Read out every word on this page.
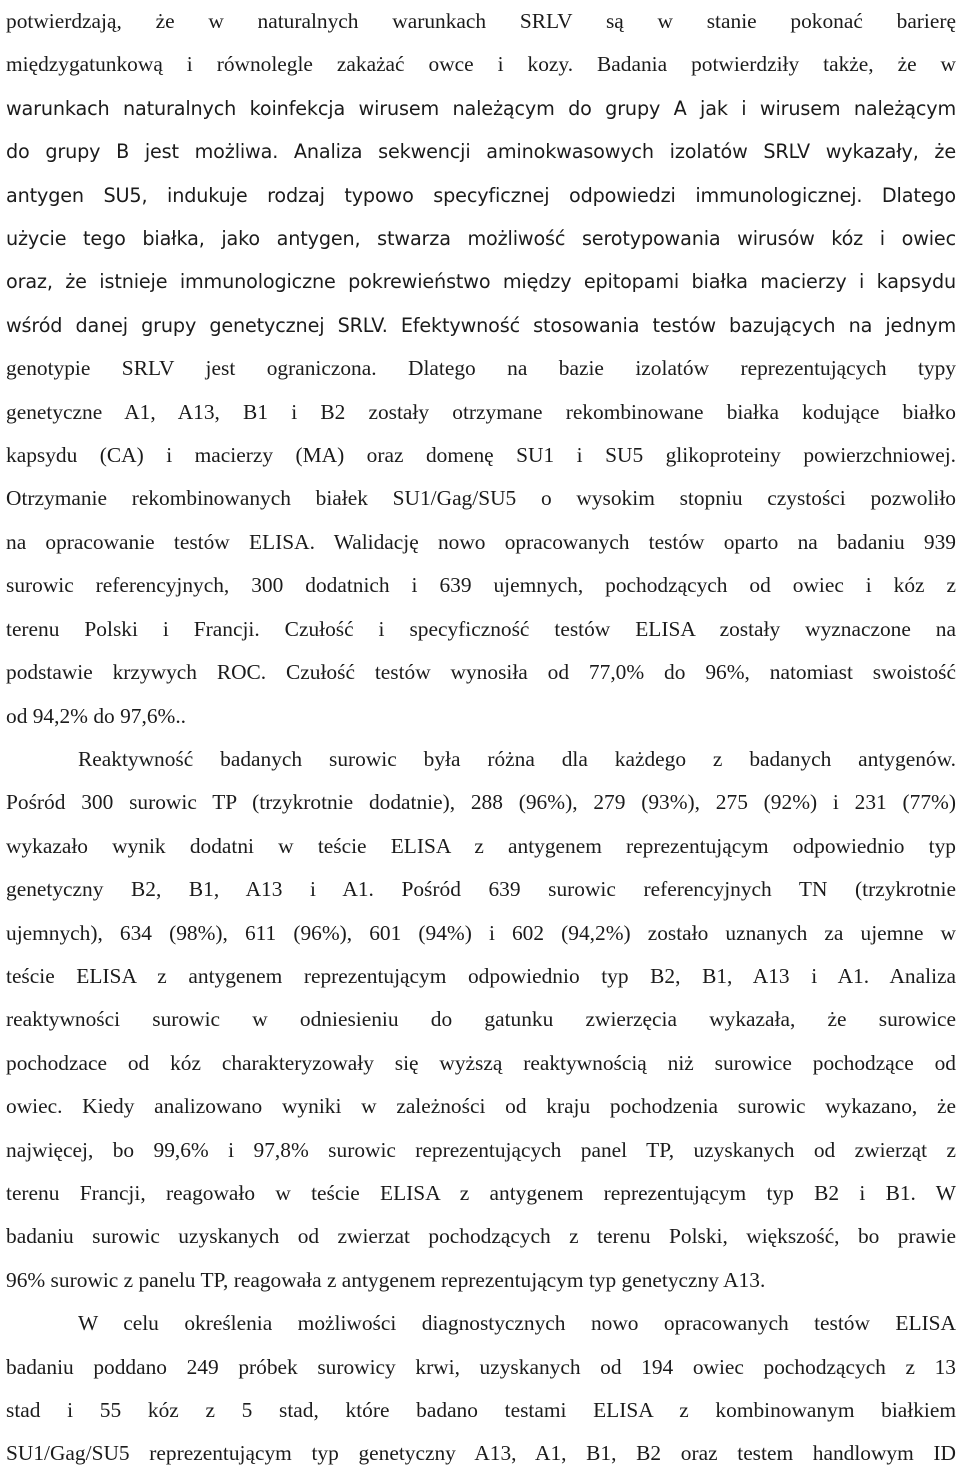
potwierdzają, że w naturalnych warunkach SRLV są w stanie pokonać barierę
międzygatunkową i równolegle zakażać owce i kozy. Badania potwierdziły także, że w
warunkach naturalnych koinfekcja wirusem należącym do grupy A jak i wirusem należącym
do grupy B jest możliwa. Analiza sekwencji aminokwasowych izolatów SRLV wykazały, że
antygen SU5, indukuje rodzaj typowo specyficznej odpowiedzi immunologicznej. Dlatego
użycie tego białka, jako antygen, stwarza możliwość serotypowania wirusów kóz i owiec
oraz, że istnieje immunologiczne pokrewieństwo między epitopami białka macierzy i kapsydu
wśród danej grupy genetycznej SRLV. Efektywność stosowania testów bazujących na jednym
genotypie SRLV jest ograniczona. Dlatego na bazie izolatów reprezentujących typy
genetyczne A1, A13, B1 i B2 zostały otrzymane rekombinowane białka kodujące białko
kapsydu (CA) i macierzy (MA) oraz domenę SU1 i SU5 glikoproteiny powierzchniowej.
Otrzymanie rekombinowanych białek SU1/Gag/SU5 o wysokim stopniu czystości pozwoliło
na opracowanie testów ELISA. Walidację nowo opracowanych testów oparto na badaniu 939
surowic referencyjnych, 300 dodatnich i 639 ujemnych, pochodzących od owiec i kóz z
terenu Polski i Francji. Czułość i specyficzność testów ELISA zostały wyznaczone na
podstawie krzywych ROC. Czułość testów wynosiła od 77,0% do 96%, natomiast swoistość
od 94,2% do 97,6%..
Reaktywność badanych surowic była różna dla każdego z badanych antygenów.
Pośród 300 surowic TP (trzykrotnie dodatnie), 288 (96%), 279 (93%), 275 (92%) i 231 (77%)
wykazało wynik dodatni w teście ELISA z antygenem reprezentującym odpowiednio typ
genetyczny B2, B1, A13 i A1. Pośród 639 surowic referencyjnych TN (trzykrotnie
ujemnych), 634 (98%), 611 (96%), 601 (94%) i 602 (94,2%) zostało uznanych za ujemne w
teście ELISA z antygenem reprezentującym odpowiednio typ B2, B1, A13 i A1. Analiza
reaktywności surowic w odniesieniu do gatunku zwierzęcia wykazała, że surowice
pochodzace od kóz charakteryzowały się wyższą reaktywnością niż surowice pochodzące od
owiec. Kiedy analizowano wyniki w zależności od kraju pochodzenia surowic wykazano, że
najwięcej, bo 99,6% i 97,8% surowic reprezentujących panel TP, uzyskanych od zwierząt z
terenu Francji, reagowało w teście ELISA z antygenem reprezentującym typ B2 i B1. W
badaniu surowic uzyskanych od zwierzat pochodzących z terenu Polski, większość, bo prawie
96% surowic z panelu TP, reagowała z antygenem reprezentującym typ genetyczny A13.
W celu określenia możliwości diagnostycznych nowo opracowanych testów ELISA
badaniu poddano 249 próbek surowicy krwi, uzyskanych od 194 owiec pochodzących z 13
stad i 55 kóz z 5 stad, które badano testami ELISA z kombinowanym białkiem
SU1/Gag/SU5 reprezentującym typ genetyczny A13, A1, B1, B2 oraz testem handlowym ID
